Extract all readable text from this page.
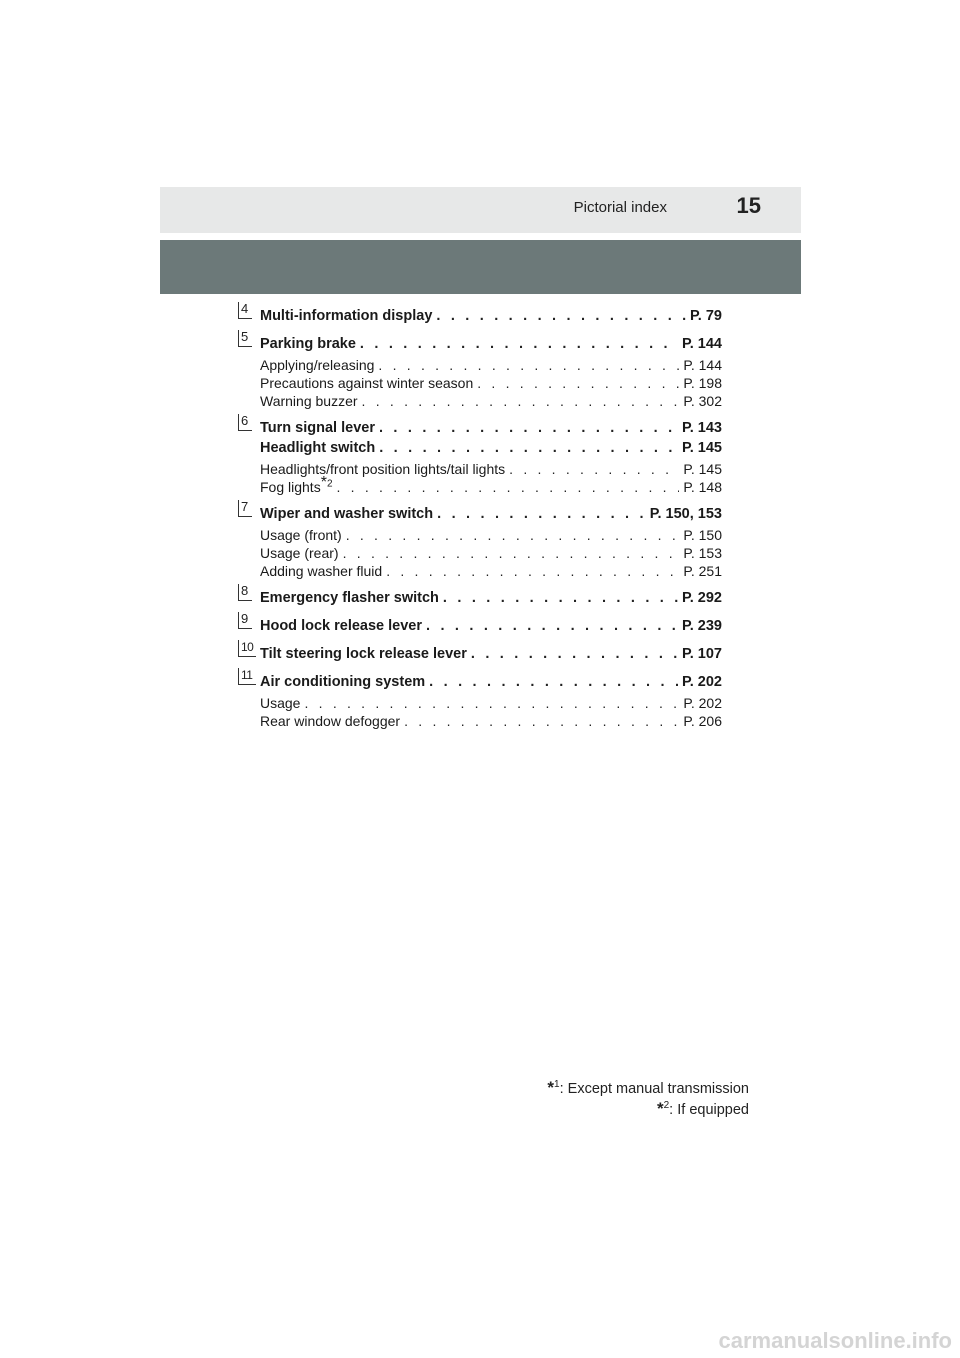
Pictorial index	15
4 Multi-information display . . .	P. 79
5 Parking brake . . .	P. 144
Applying/releasing . . .	P. 144
Precautions against winter season . . .	P. 198
Warning buzzer . . .	P. 302
6 Turn signal lever . . .	P. 143
Headlight switch . . .	P. 145
Headlights/front position lights/tail lights . . .	P. 145
Fog lights*$^2$ . . .	P. 148
7 Wiper and washer switch . . .	P. 150, 153
Usage (front) . . .	P. 150
Usage (rear) . . .	P. 153
Adding washer fluid . . .	P. 251
8 Emergency flasher switch . . .	P. 292
9 Hood lock release lever . . .	P. 239
10 Tilt steering lock release lever . . .	P. 107
11 Air conditioning system . . .	P. 202
Usage . . .	P. 202
Rear window defogger . . .	P. 206
*$^1$: Except manual transmission
*$^2$: If equipped
carmanualsonline.info
